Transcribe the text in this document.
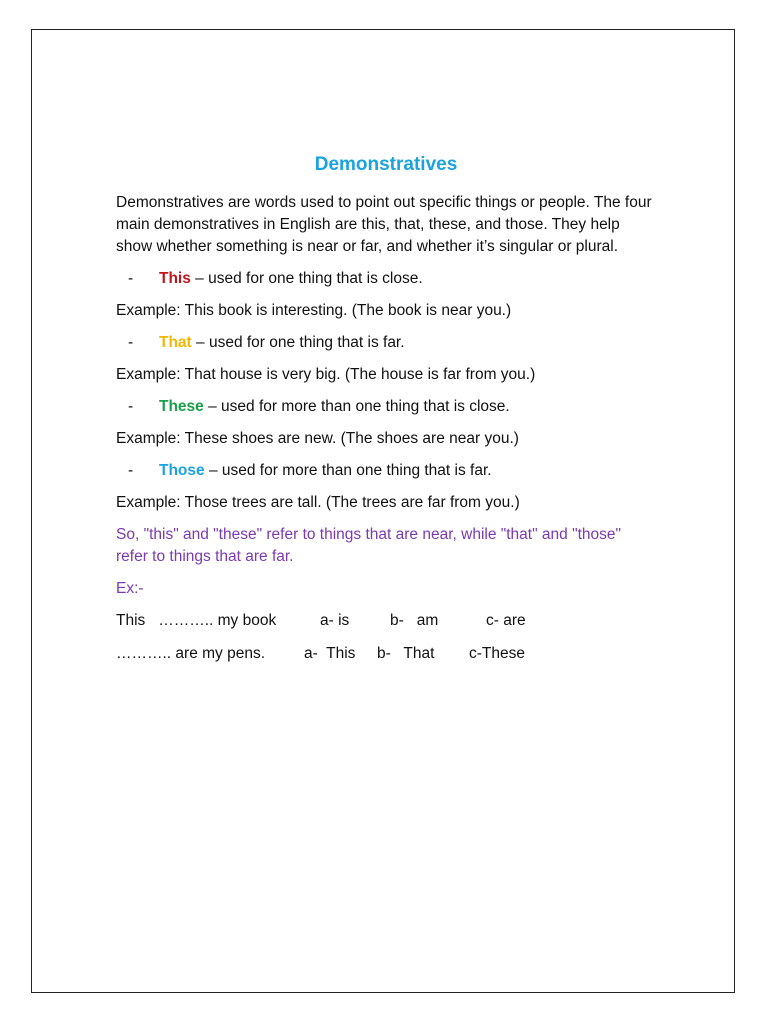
Demonstratives
Demonstratives are words used to point out specific things or people. The four main demonstratives in English are this, that, these, and those. They help show whether something is near or far, and whether it’s singular or plural.
-	This – used for one thing that is close.
Example: This book is interesting. (The book is near you.)
-	That – used for one thing that is far.
Example: That house is very big. (The house is far from you.)
-	These – used for more than one thing that is close.
Example: These shoes are new. (The shoes are near you.)
-	Those – used for more than one thing that is far.
Example: Those trees are tall. (The trees are far from you.)
So, "this" and "these" refer to things that are near, while "that" and "those" refer to things that are far.
Ex:-
This   ……….. my book	a- is	b-   am	c- are
……….. are my pens.	a-  This b-   That c-These
